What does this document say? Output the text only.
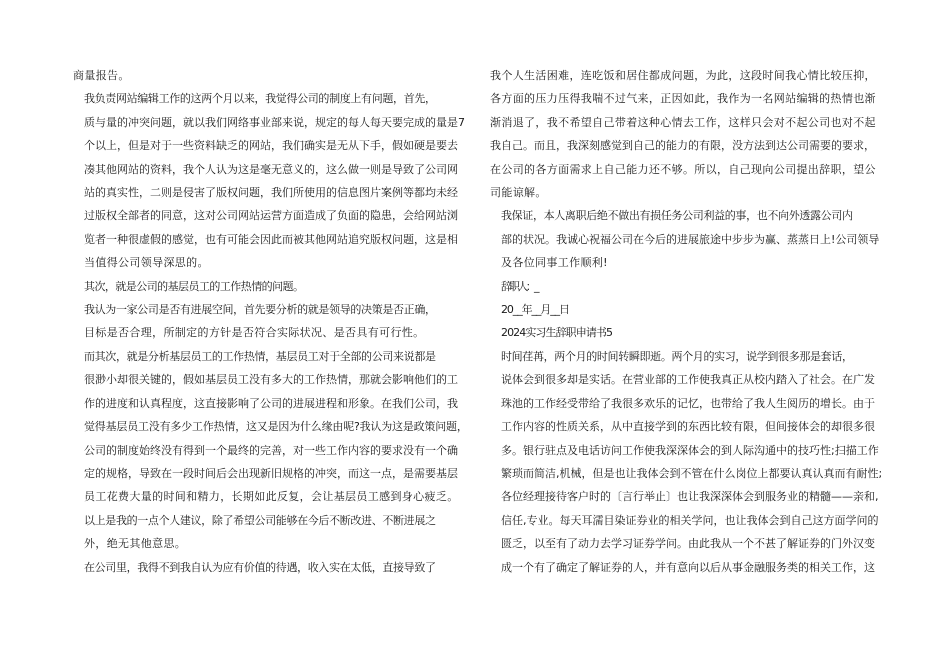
商量报告。

我负责网站编辑工作的这两个月以来，我觉得公司的制度上有问题，首先，
质与量的冲突问题，就以我们网络事业部来说，规定的每人每天要完成的量是7
个以上，但是对于一些资料缺乏的网站，我们确实是无从下手，假如硬是要去
凑其他网站的资料，我个人认为这是毫无意义的，这么做一则是导致了公司网
站的真实性，二则是侵害了版权问题，我们所使用的信息图片案例等都均未经
过版权全部者的同意，这对公司网站运营方面造成了负面的隐患，会给网站浏
览者一种很虚假的感觉，也有可能会因此而被其他网站追究版权问题，这是相
当值得公司领导深思的。

其次，就是公司的基层员工的工作热情的问题。

我认为一家公司是否有进展空间，首先要分析的就是领导的决策是否正确，
目标是否合理，所制定的方针是否符合实际状况、是否具有可行性。

而其次，就是分析基层员工的工作热情，基层员工对于全部的公司来说都是
很渺小却很关键的，假如基层员工没有多大的工作热情，那就会影响他们的工
作的进度和认真程度，这直接影响了公司的进展进程和形象。在我们公司，我
觉得基层员工没有多少工作热情，这又是因为什么缘由呢?我认为这是政策问题，
公司的制度始终没有得到一个最终的完善，对一些工作内容的要求没有一个确
定的规格，导致在一段时间后会出现新旧规格的冲突，而这一点，是需要基层
员工花费大量的时间和精力，长期如此反复，会让基层员工感到身心疲乏。

以上是我的一点个人建议，除了希望公司能够在今后不断改进、不断进展之
外，绝无其他意思。

在公司里，我得不到我自认为应有价值的待遇，收入实在太低，直接导致了

我个人生活困难，连吃饭和居住都成问题，为此，这段时间我心情比较压抑，
各方面的压力压得我喘不过气来，正因如此，我作为一名网站编辑的热情也渐
渐消退了，我不希望自己带着这种心情去工作，这样只会对不起公司也对不起
我自己。而且，我深刻感觉到自己的能力的有限，没方法到达公司需要的要求，
在公司的各方面需求上自己能力还不够。所以，自己现向公司提出辞职，望公
司能谅解。

我保证，本人离职后绝不做出有损任务公司利益的事，也不向外透露公司内
部的状况。我诚心祝福公司在今后的进展旅途中步步为赢、蒸蒸日上!公司领导
及各位同事工作顺利!

辞职人：_

20__年__月__日

2024实习生辞职申请书5

时间荏苒，两个月的时间转瞬即逝。两个月的实习，说学到很多那是套话，
说体会到很多却是实话。在营业部的工作使我真正从校内踏入了社会。在广发
珠池的工作经受带给了我很多欢乐的记忆，也带给了我人生阅历的增长。由于
工作内容的性质关系，从中直接学到的东西比较有限，但间接体会的却很多很
多。银行驻点及电话访问工作使我深深体会的到人际沟通中的技巧性;扫描工作
繁琐而简洁,机械，但是也让我体会到不管在什么岗位上都要认真认真而有耐性;
各位经理接待客户时的〔言行举止〕也让我深深体会到服务业的精髓——亲和,
信任,专业。每天耳濡目染证券业的相关学问，也让我体会到自己这方面学问的
匮乏，以至有了动力去学习证券学问。由此我从一个不甚了解证券的门外汉变
成一个有了确定了解证券的人，并有意向以后从事金融服务类的相关工作，这
